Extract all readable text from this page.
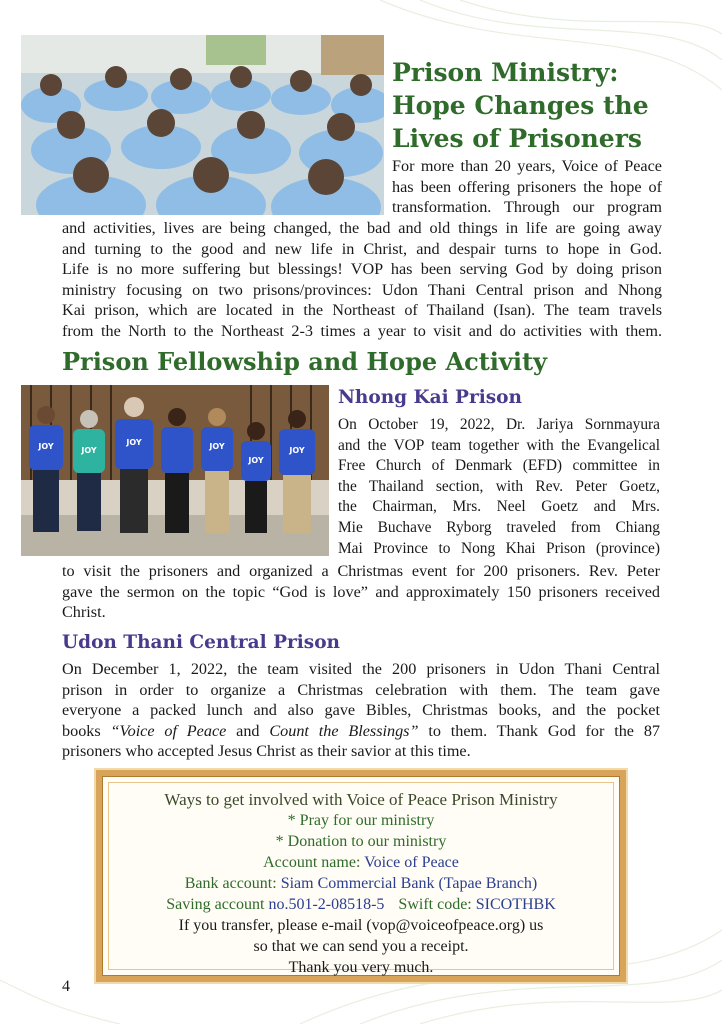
Prison Ministry:
Hope Changes the
Lives of Prisoners
For more than 20 years, Voice of Peace
has been offering prisoners the hope of
transformation. Through our program
and activities, lives are being changed, the bad and old things in life are going away
and turning to the good and new life in Christ, and despair turns to hope in God.
Life is no more suffering but blessings! VOP has been serving God by doing prison
ministry focusing on two prisons/provinces: Udon Thani Central prison and Nhong
Kai prison, which are located in the Northeast of Thailand (Isan). The team travels
from the North to the Northeast 2-3 times a year to visit and do activities with them.
Prison Fellowship and Hope Activity
JOY	JOY
JOY	JOY
JOY
JOY
Nhong Kai Prison
On October 19, 2022, Dr. Jariya Sornmayura
and the VOP team together with the Evangelical
Free Church of Denmark (EFD) committee in
the Thailand section, with Rev. Peter Goetz,
the Chairman, Mrs. Neel Goetz and Mrs.
Mie Buchave Ryborg traveled from Chiang
Mai Province to Nong Khai Prison (province)
to visit the prisoners and organized a Christmas event for 200 prisoners. Rev. Peter
gave the sermon on the topic “God is love” and approximately 150 prisoners received
Christ.
Udon Thani Central Prison
On December 1, 2022, the team visited the 200 prisoners in Udon Thani Central
prison in order to organize a Christmas celebration with them. The team gave
everyone a packed lunch and also gave Bibles, Christmas books, and the pocket
books “Voice of Peace and Count the Blessings” to them. Thank God for the 87
prisoners who accepted Jesus Christ as their savior at this time.
Ways to get involved with Voice of Peace Prison Ministry
* Pray for our ministry
* Donation to our ministry
Account name: Voice of Peace
Bank account: Siam Commercial Bank (Tapae Branch)
Saving account no.501-2-08518-5 Swift code: SICOTHBK
If you transfer, please e-mail (vop@voiceofpeace.org) us
so that we can send you a receipt.
Thank you very much.
4
